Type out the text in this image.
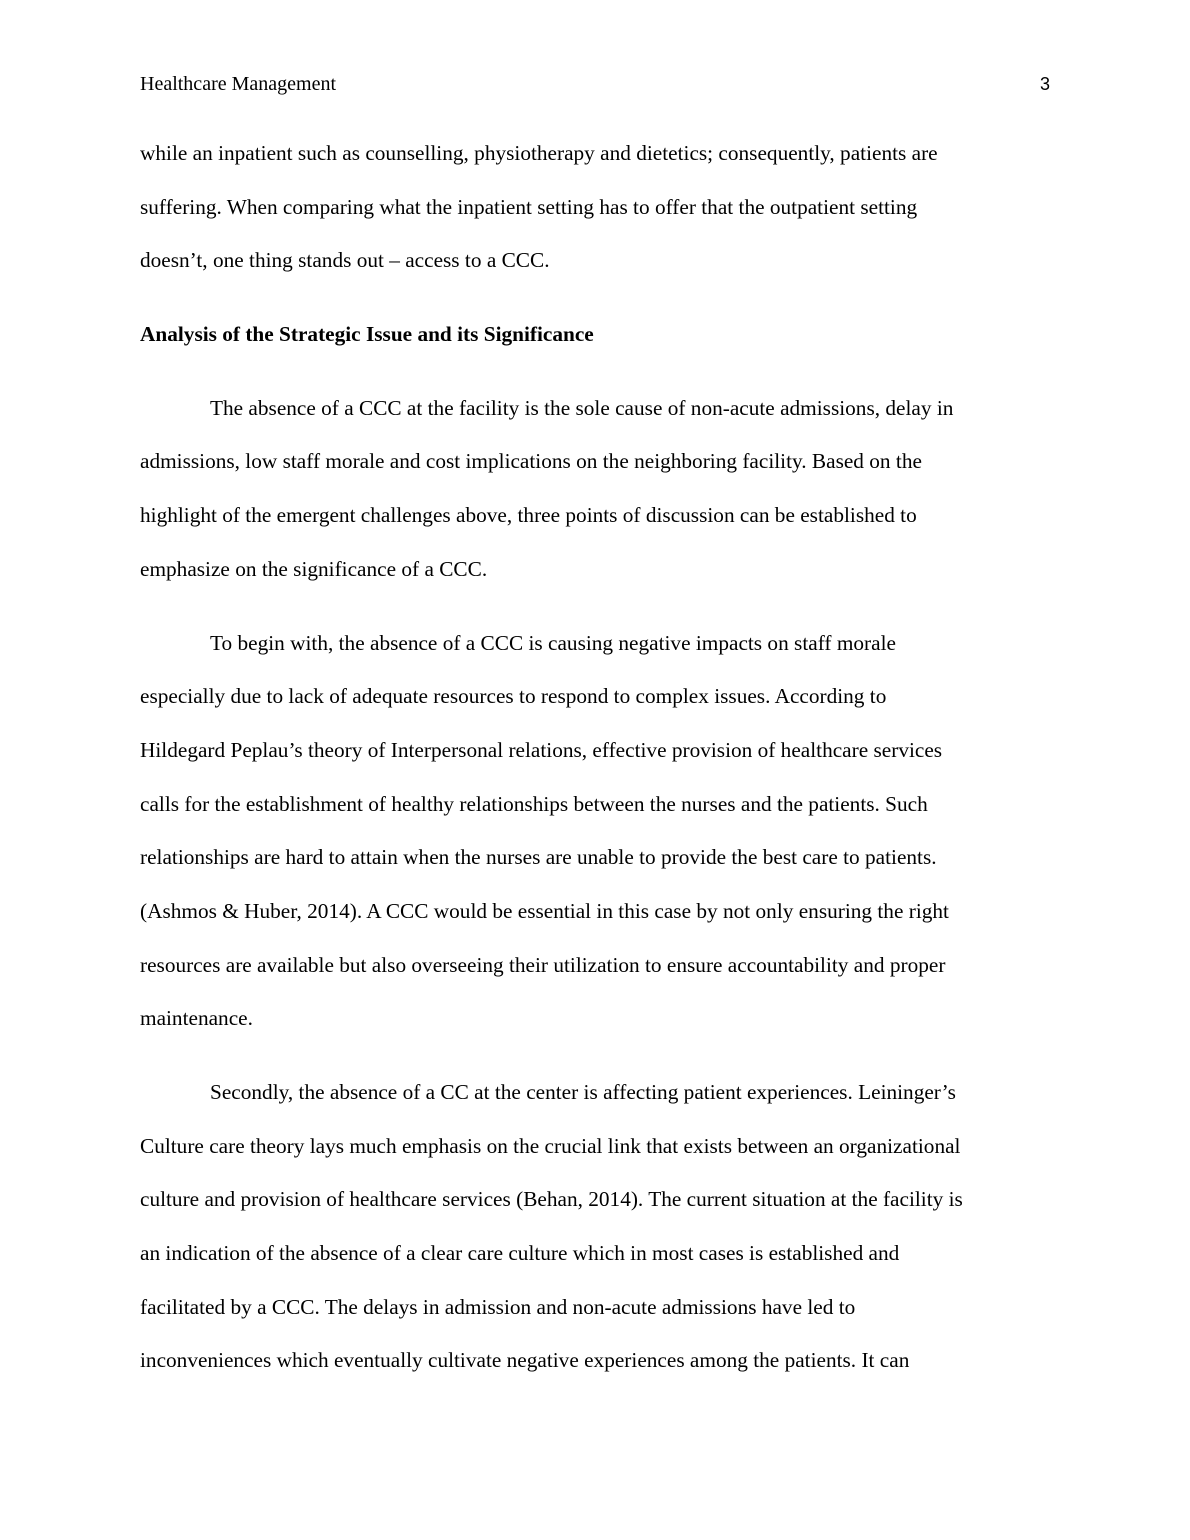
Healthcare Management	3
while an inpatient such as counselling, physiotherapy and dietetics; consequently, patients are
suffering. When comparing what the inpatient setting has to offer that the outpatient setting
doesn’t, one thing stands out – access to a CCC.
Analysis of the Strategic Issue and its Significance
The absence of a CCC at the facility is the sole cause of non-acute admissions, delay in
admissions, low staff morale and cost implications on the neighboring facility. Based on the
highlight of the emergent challenges above, three points of discussion can be established to
emphasize on the significance of a CCC.
To begin with, the absence of a CCC is causing negative impacts on staff morale
especially due to lack of adequate resources to respond to complex issues. According to
Hildegard Peplau’s theory of Interpersonal relations, effective provision of healthcare services
calls for the establishment of healthy relationships between the nurses and the patients. Such
relationships are hard to attain when the nurses are unable to provide the best care to patients.
(Ashmos & Huber, 2014). A CCC would be essential in this case by not only ensuring the right
resources are available but also overseeing their utilization to ensure accountability and proper
maintenance.
Secondly, the absence of a CC at the center is affecting patient experiences. Leininger’s
Culture care theory lays much emphasis on the crucial link that exists between an organizational
culture and provision of healthcare services (Behan, 2014). The current situation at the facility is
an indication of the absence of a clear care culture which in most cases is established and
facilitated by a CCC. The delays in admission and non-acute admissions have led to
inconveniences which eventually cultivate negative experiences among the patients. It can
